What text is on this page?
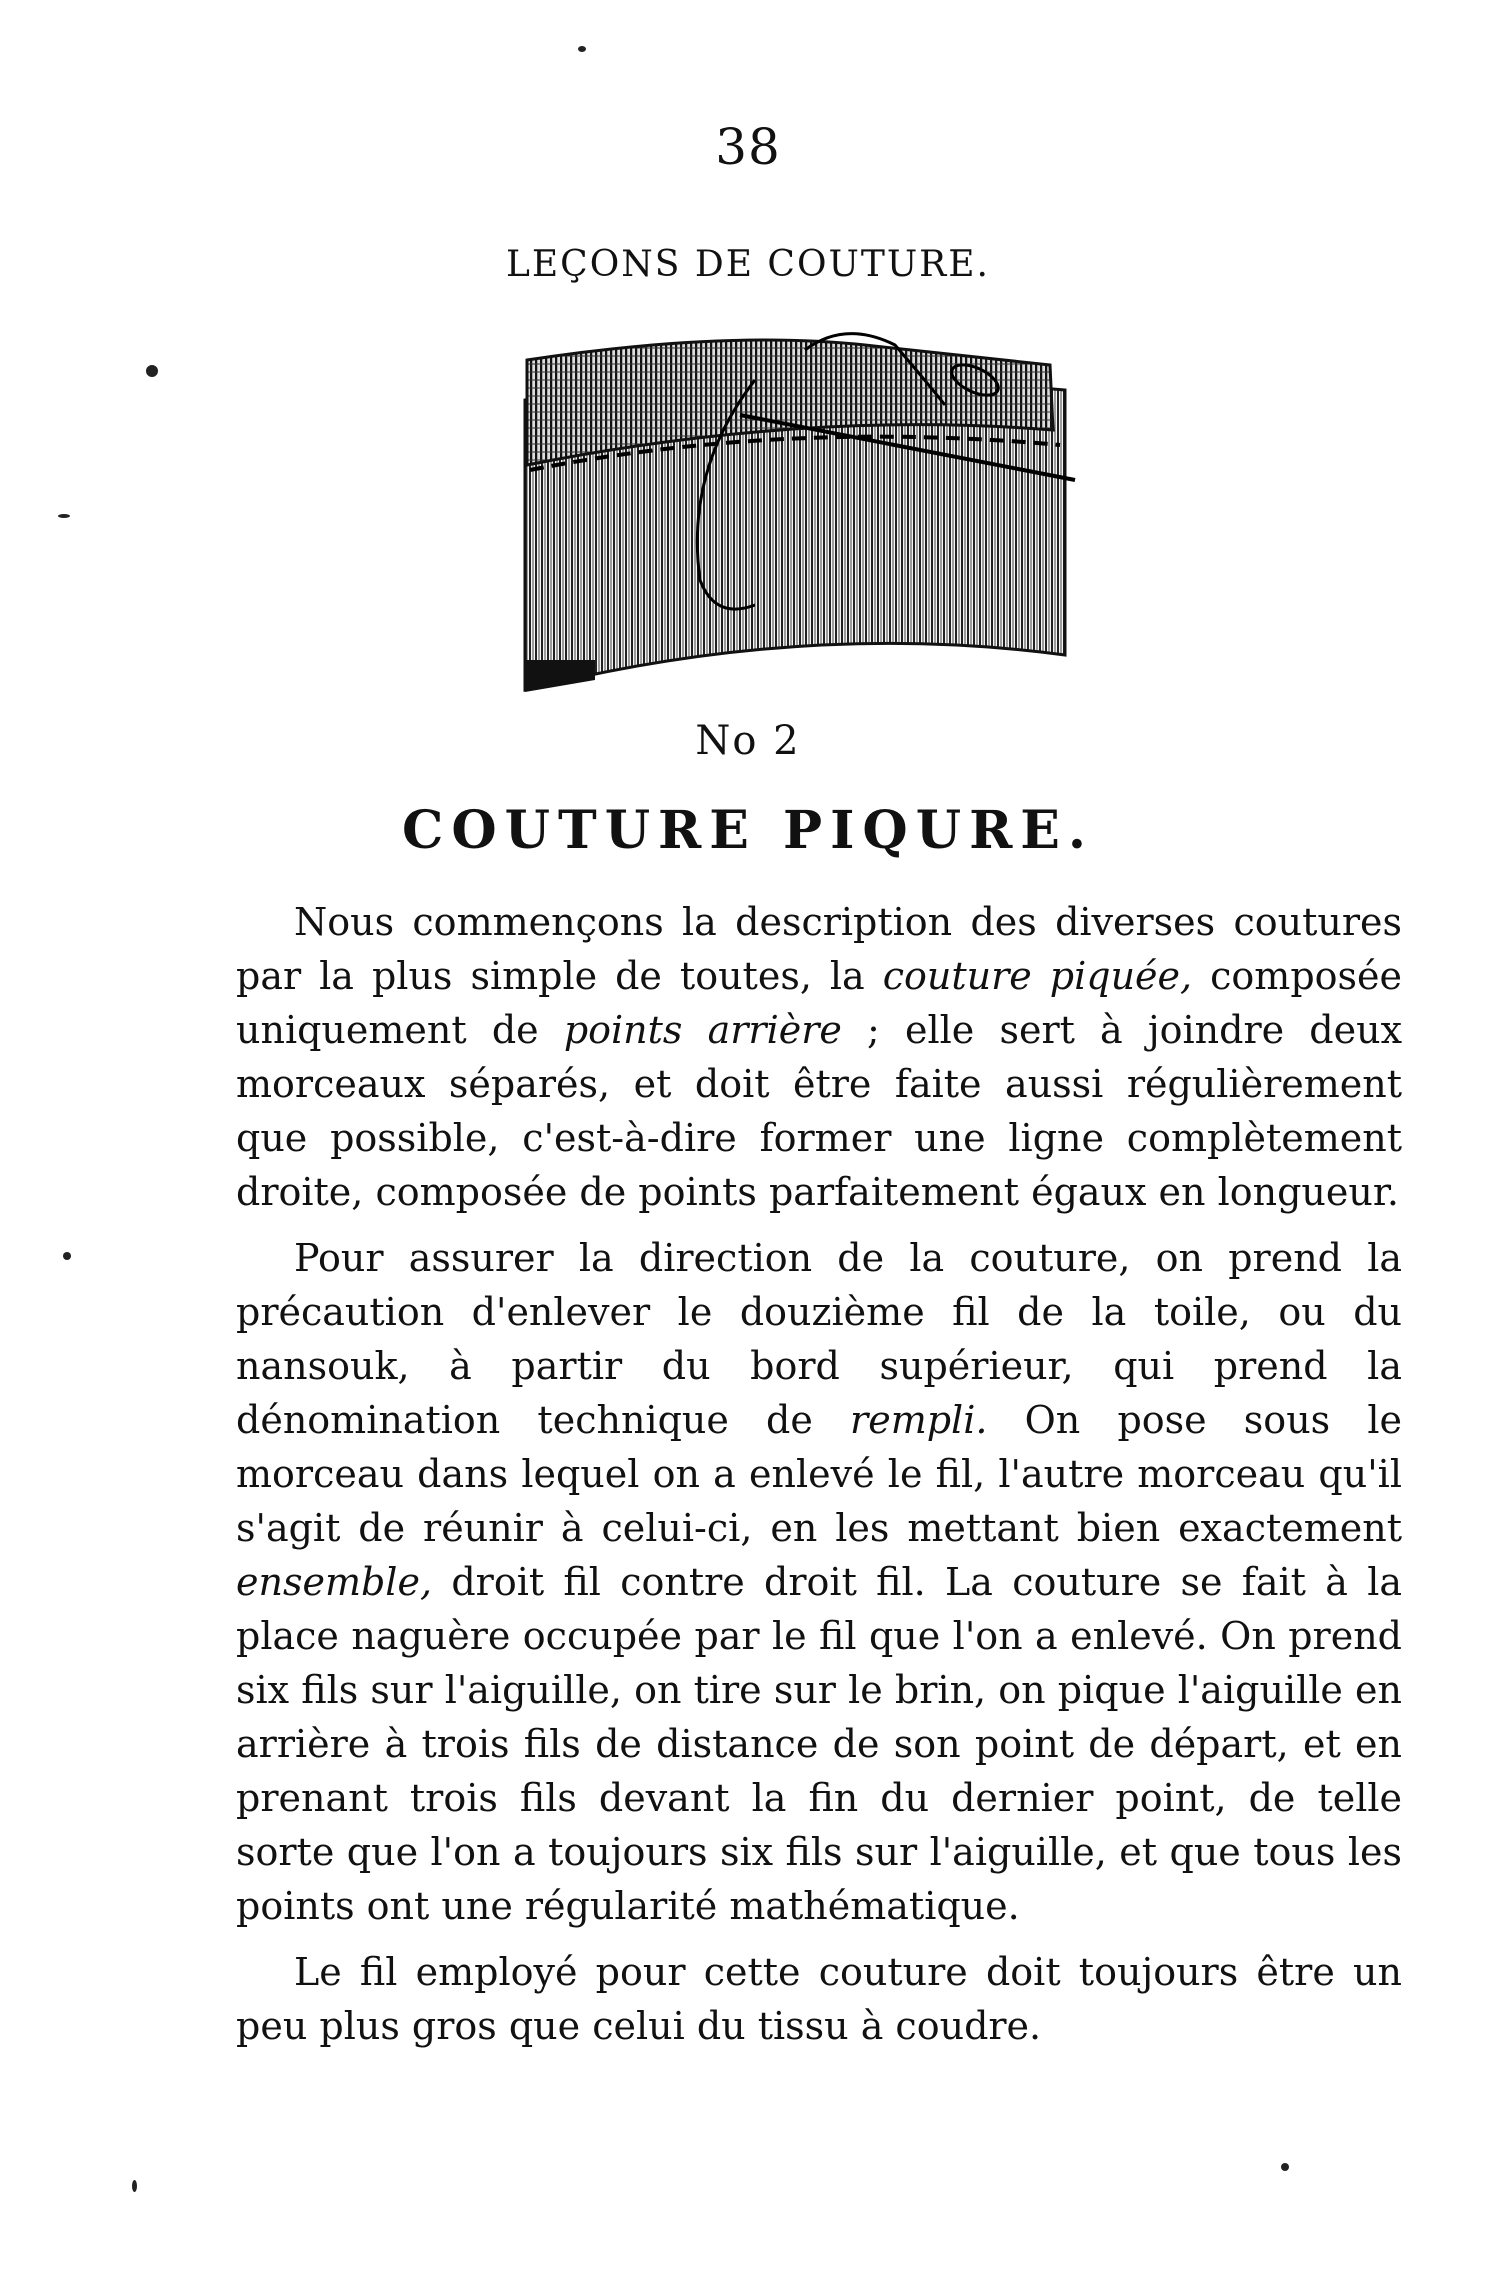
38
LEÇONS DE COUTURE.
No 2
COUTURE PIQURE.

Nous commençons la description des diverses coutures par la plus simple de toutes, la couture piquée, composée uniquement de points arrière ; elle sert à joindre deux morceaux séparés, et doit être faite aussi régulièrement que possible, c'est-à-dire former une ligne complètement droite, composée de points parfaitement égaux en longueur.

Pour assurer la direction de la couture, on prend la précaution d'enlever le douzième fil de la toile, ou du nansouk, à partir du bord supérieur, qui prend la dénomination technique de rempli. On pose sous le morceau dans lequel on a enlevé le fil, l'autre morceau qu'il s'agit de réunir à celui-ci, en les mettant bien exactement ensemble, droit fil contre droit fil. La couture se fait à la place naguère occupée par le fil que l'on a enlevé. On prend six fils sur l'aiguille, on tire sur le brin, on pique l'aiguille en arrière à trois fils de distance de son point de départ, et en prenant trois fils devant la fin du dernier point, de telle sorte que l'on a toujours six fils sur l'aiguille, et que tous les points ont une régularité mathématique.

Le fil employé pour cette couture doit toujours être un peu plus gros que celui du tissu à coudre.
